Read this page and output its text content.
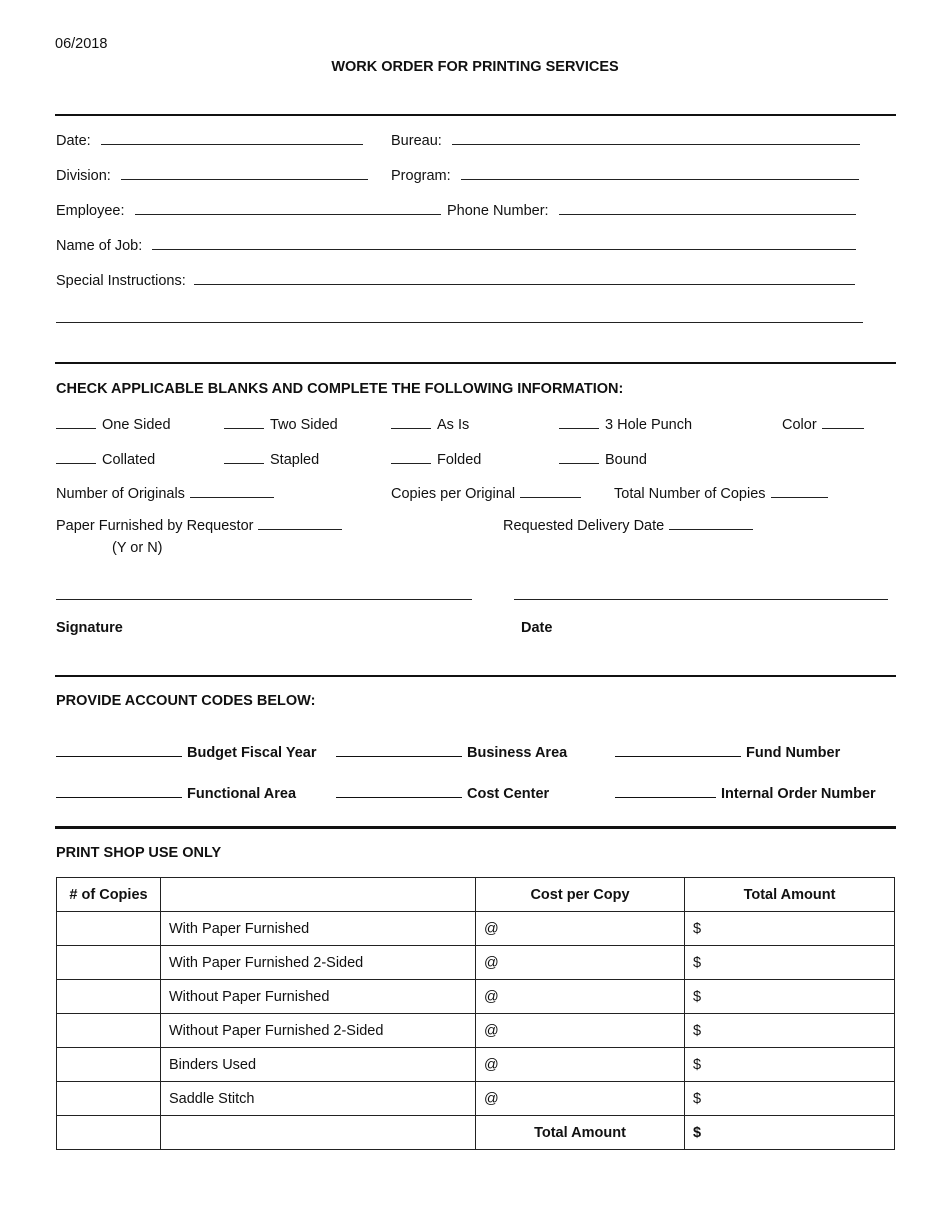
06/2018
WORK ORDER FOR PRINTING SERVICES
Date:	Bureau:
Division:	Program:
Employee:	Phone Number:
Name of Job:
Special Instructions:
CHECK APPLICABLE BLANKS AND COMPLETE THE FOLLOWING INFORMATION:
One Sided	Two Sided	As Is	3 Hole Punch	Color
Collated	Stapled	Folded	Bound
Number of Originals	Copies per Original	Total Number of Copies
Paper Furnished by Requestor
(Y or N)
Requested Delivery Date
Signature	Date
PROVIDE ACCOUNT CODES BELOW:
Budget Fiscal Year	Business Area	Fund Number
Functional Area	Cost Center	Internal Order Number
PRINT SHOP USE ONLY
# of Copies		Cost per Copy	Total Amount
	With Paper Furnished	@	$
	With Paper Furnished 2-Sided	@	$
	Without Paper Furnished	@	$
	Without Paper Furnished 2-Sided	@	$
	Binders Used	@	$
	Saddle Stitch	@	$
		Total Amount	$
